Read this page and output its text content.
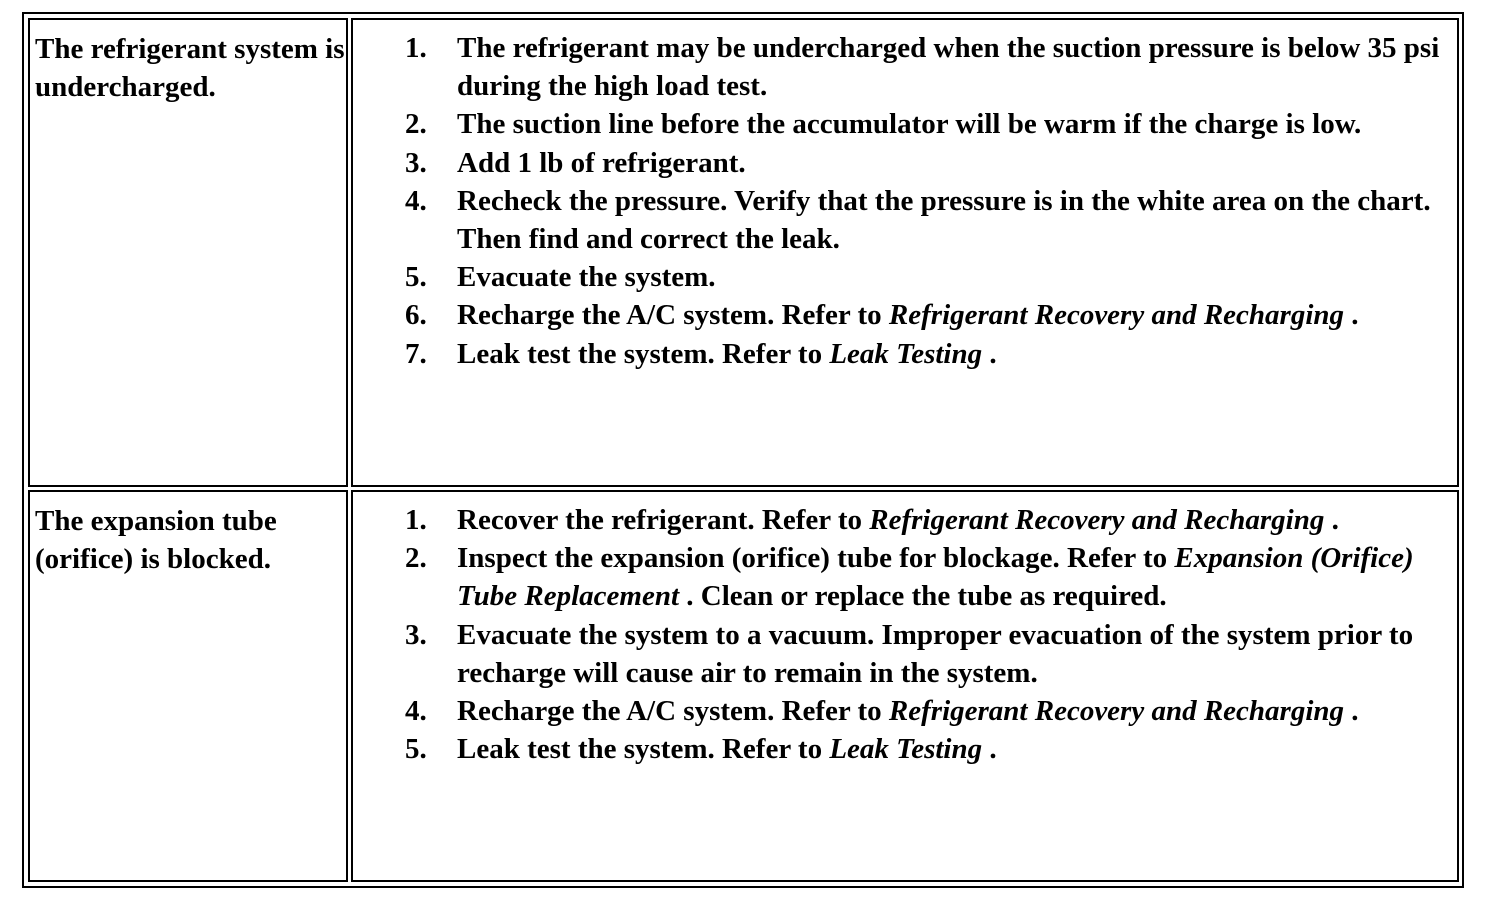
The refrigerant system is undercharged.
1.	The refrigerant may be undercharged when the suction pressure is below 35 psi during the high load test.
2.	The suction line before the accumulator will be warm if the charge is low.
3.	Add 1 lb of refrigerant.
4.	Recheck the pressure. Verify that the pressure is in the white area on the chart. Then find and correct the leak.
5.	Evacuate the system.
6.	Recharge the A/C system. Refer to Refrigerant Recovery and Recharging .
7.	Leak test the system. Refer to Leak Testing .
The expansion tube (orifice) is blocked.
1.	Recover the refrigerant. Refer to Refrigerant Recovery and Recharging .
2.	Inspect the expansion (orifice) tube for blockage. Refer to Expansion (Orifice) Tube Replacement . Clean or replace the tube as required.
3.	Evacuate the system to a vacuum. Improper evacuation of the system prior to recharge will cause air to remain in the system.
4.	Recharge the A/C system. Refer to Refrigerant Recovery and Recharging .
5.	Leak test the system. Refer to Leak Testing .
